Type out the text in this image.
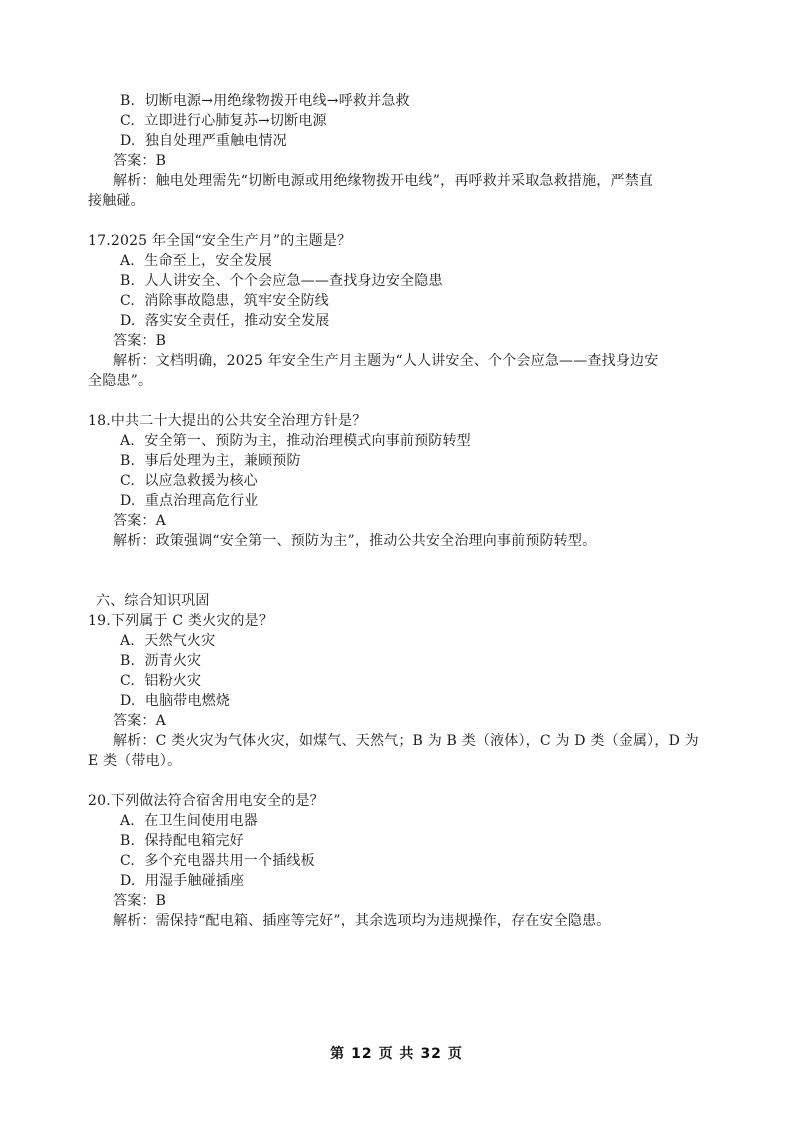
B. 切断电源→用绝缘物拨开电线→呼救并急救
C. 立即进行心肺复苏→切断电源
D. 独自处理严重触电情况
答案：B
解析：触电处理需先“切断电源或用绝缘物拨开电线”，再呼救并采取急救措施，严禁直
接触碰。
17.2025 年全国“安全生产月”的主题是？
A. 生命至上，安全发展
B. 人人讲安全、个个会应急——查找身边安全隐患
C. 消除事故隐患，筑牢安全防线
D. 落实安全责任，推动安全发展
答案：B
解析：文档明确，2025 年安全生产月主题为“人人讲安全、个个会应急——查找身边安
全隐患”。
18.中共二十大提出的公共安全治理方针是？
A. 安全第一、预防为主，推动治理模式向事前预防转型
B. 事后处理为主，兼顾预防
C. 以应急救援为核心
D. 重点治理高危行业
答案：A
解析：政策强调“安全第一、预防为主”，推动公共安全治理向事前预防转型。
六、综合知识巩固
19.下列属于 C 类火灾的是？
A. 天然气火灾
B. 沥青火灾
C. 铝粉火灾
D. 电脑带电燃烧
答案：A
解析：C 类火灾为气体火灾，如煤气、天然气；B 为 B 类（液体），C 为 D 类（金属），D 为
E 类（带电）。
20.下列做法符合宿舍用电安全的是？
A. 在卫生间使用电器
B. 保持配电箱完好
C. 多个充电器共用一个插线板
D. 用湿手触碰插座
答案：B
解析：需保持“配电箱、插座等完好”，其余选项均为违规操作，存在安全隐患。
第 12 页 共 32 页
